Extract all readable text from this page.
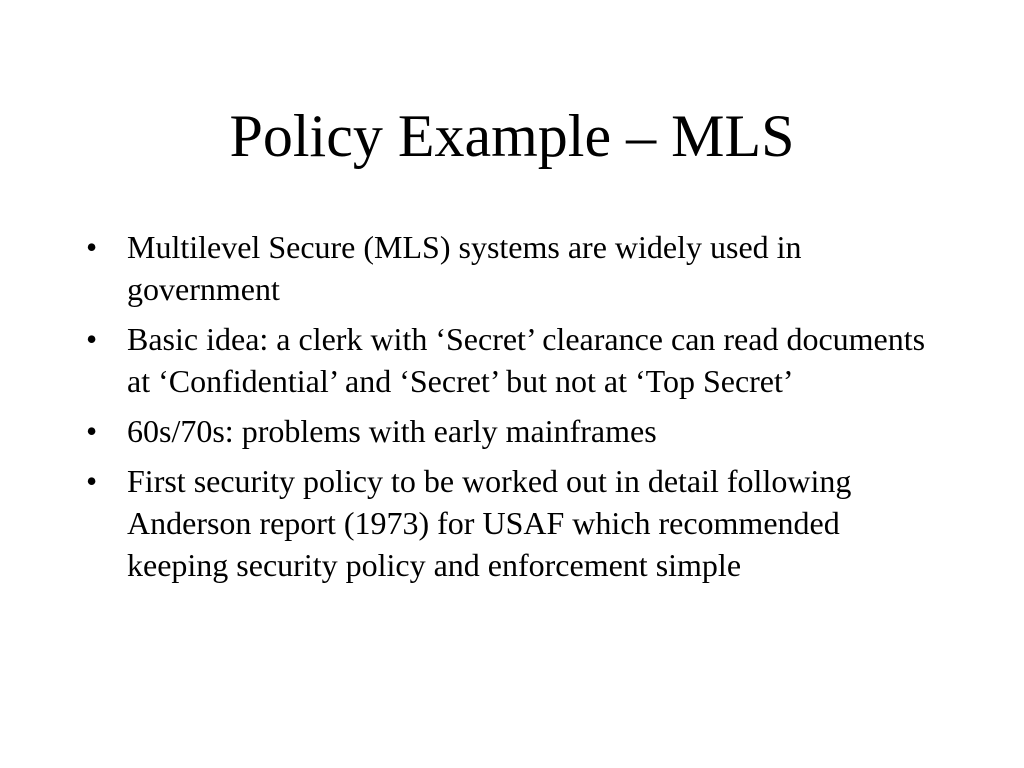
Policy Example – MLS
• Multilevel Secure (MLS) systems are widely used in government
• Basic idea: a clerk with ‘Secret’ clearance can read documents at ‘Confidential’ and ‘Secret’ but not at ‘Top Secret’
• 60s/70s: problems with early mainframes
• First security policy to be worked out in detail following Anderson report (1973) for USAF which recommended keeping security policy and enforcement simple
